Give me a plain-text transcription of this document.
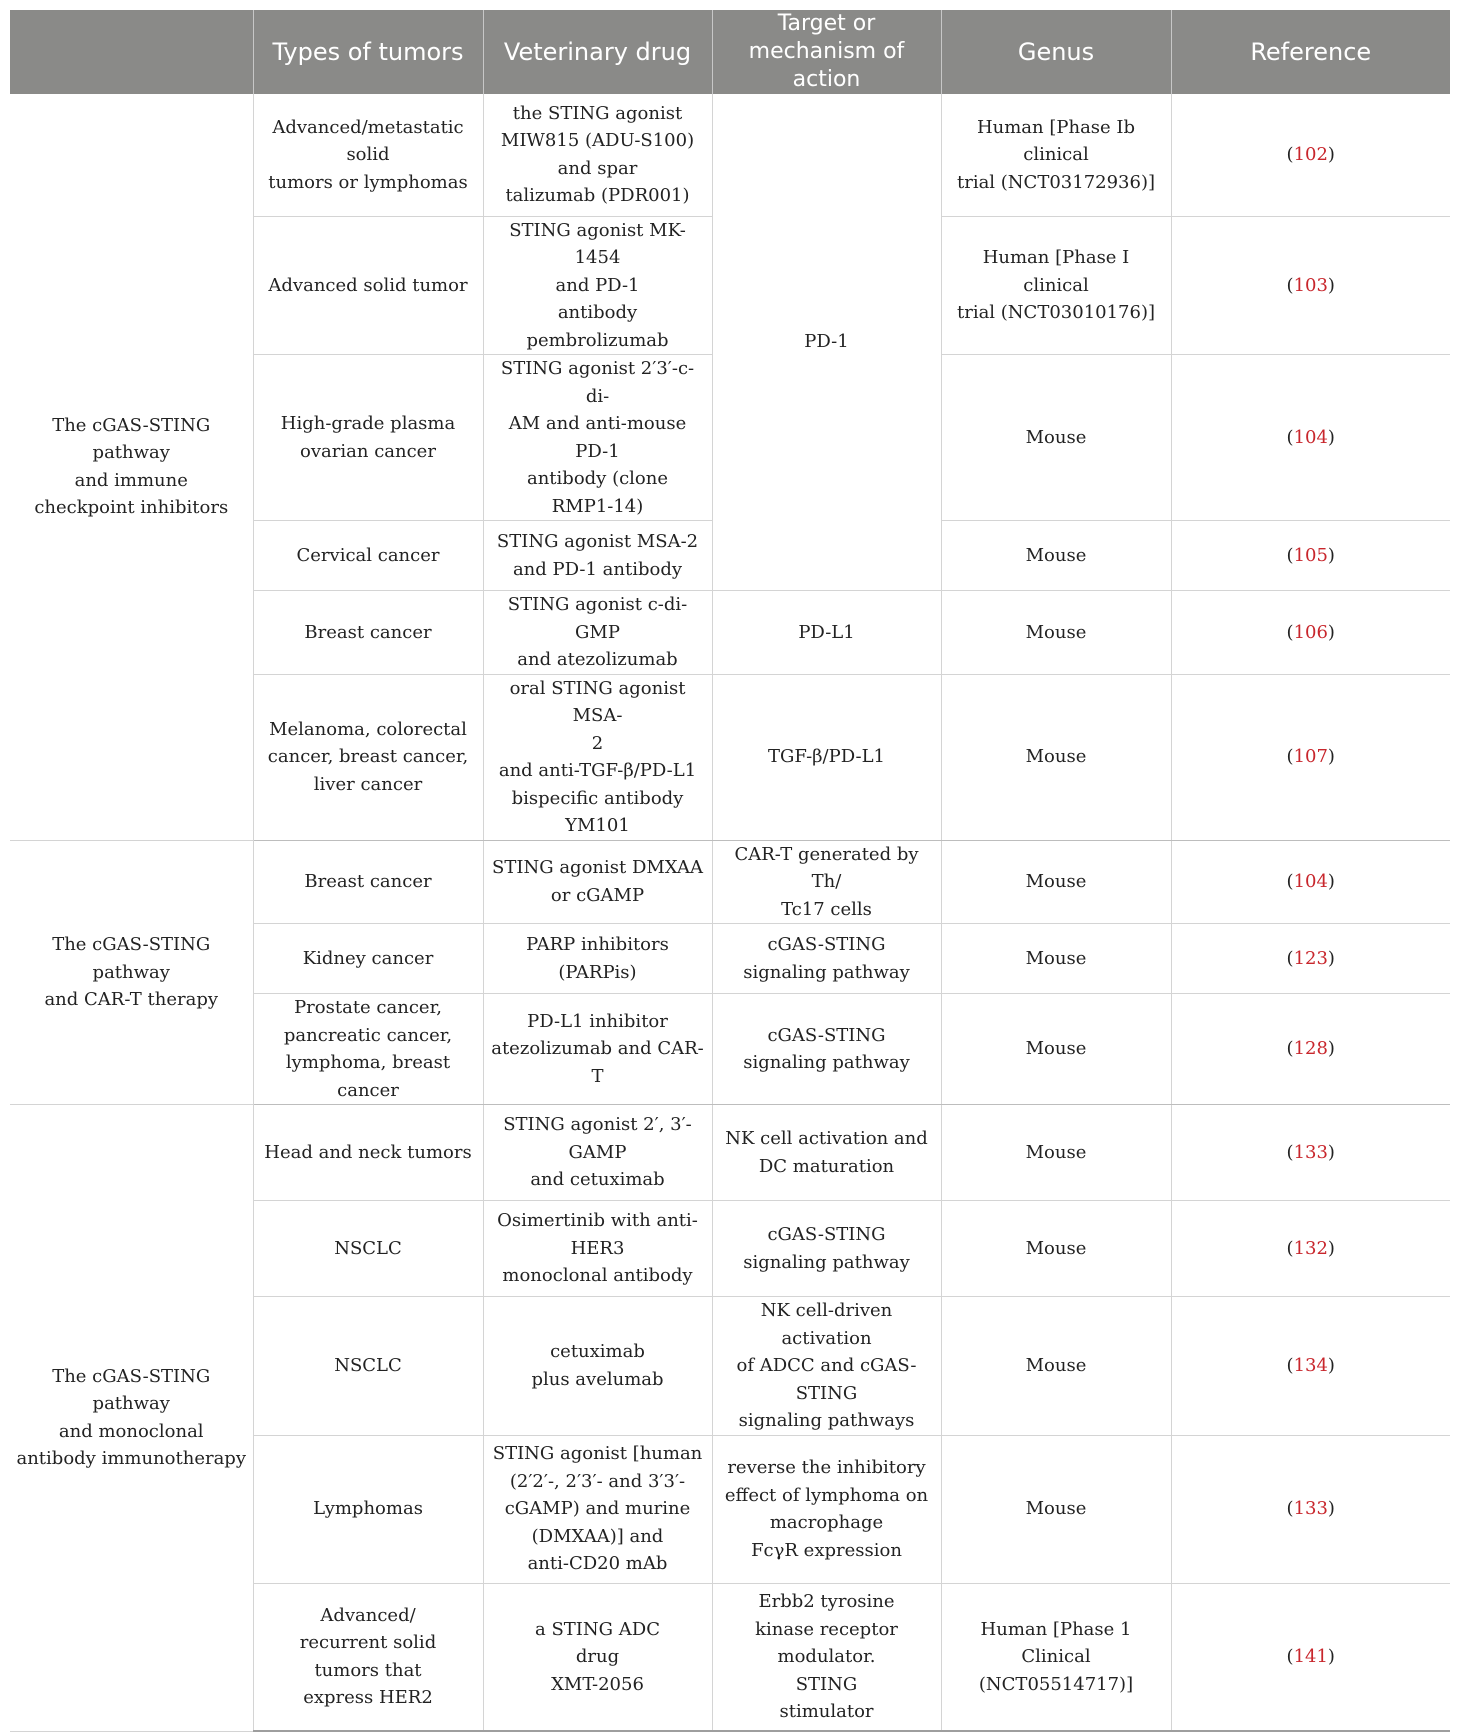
	Types of tumors	Veterinary drug	Target or mechanism of action	Genus	Reference
The cGAS-STING pathway
and immune
checkpoint inhibitors	Advanced/metastatic solid
tumors or lymphomas	the STING agonist
MIW815 (ADU-S100)
and spar
talizumab (PDR001)	PD-1	Human [Phase Ib clinical
trial (NCT03172936)]	(102)
	Advanced solid tumor	STING agonist MK-1454
and PD-1
antibody pembrolizumab		Human [Phase I clinical
trial (NCT03010176)]	(103)
	High-grade plasma
ovarian cancer	STING agonist 2′3′-c-di-
AM and anti-mouse PD-1
antibody (clone
RMP1-14)		Mouse	(104)
	Cervical cancer	STING agonist MSA-2
and PD-1 antibody		Mouse	(105)
	Breast cancer	STING agonist c-di-GMP
and atezolizumab	PD-L1	Mouse	(106)
	Melanoma, colorectal
cancer, breast cancer,
liver cancer	oral STING agonist MSA-
2
and anti-TGF-β/PD-L1
bispecific antibody
YM101	TGF-β/PD-L1	Mouse	(107)
The cGAS-STING pathway
and CAR-T therapy	Breast cancer	STING agonist DMXAA
or cGAMP	CAR-T generated by Th/
Tc17 cells	Mouse	(104)
	Kidney cancer	PARP inhibitors (PARPis)	cGAS-STING
signaling pathway	Mouse	(123)
	Prostate cancer,
pancreatic cancer,
lymphoma, breast cancer	PD-L1 inhibitor
atezolizumab and CAR-T	cGAS-STING
signaling pathway	Mouse	(128)
The cGAS-STING pathway
and monoclonal
antibody immunotherapy	Head and neck tumors	STING agonist 2′, 3′-
GAMP
and cetuximab	NK cell activation and
DC maturation	Mouse	(133)
	NSCLC	Osimertinib with anti-
HER3
monoclonal antibody	cGAS-STING
signaling pathway	Mouse	(132)
	NSCLC	cetuximab
plus avelumab	NK cell-driven activation
of ADCC and cGAS-
STING
signaling pathways	Mouse	(134)
	Lymphomas	STING agonist [human
(2′2′-, 2′3′- and 3′3′-
cGAMP) and murine
(DMXAA)] and
anti-CD20 mAb	reverse the inhibitory
effect of lymphoma on
macrophage
FcγR expression	Mouse	(133)
	Advanced/
recurrent solid
tumors that
express HER2	a STING ADC
drug
XMT-2056	Erbb2 tyrosine
kinase receptor
modulator.
STING
stimulator	Human [Phase 1
Clinical (NCT05514717)]	(141)
